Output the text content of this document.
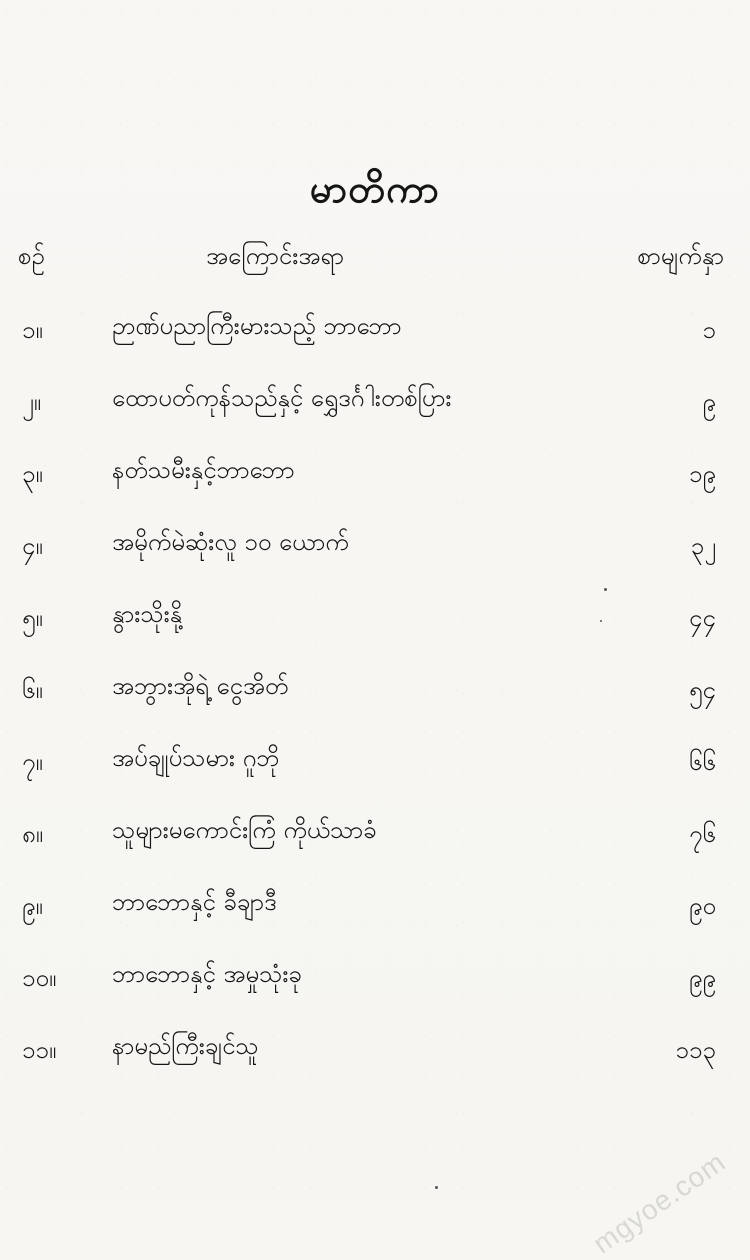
မာတိကာ
စဉ်	အကြောင်းအရာ	စာမျက်နှာ
၁။	ဉာဏ်ပညာကြီးမားသည့် ဘာဘော	၁
၂။	ထောပတ်ကုန်သည်နှင့် ရွှေဒင်္ဂါးတစ်ပြား	၉
၃။	နတ်သမီးနှင့်ဘာဘော	၁၉
၄။	အမိုက်မဲဆုံးလူ ၁၀ ယောက်	၃၂
၅။	နွားသိုးနို့	၄၄
၆။	အဘွားအိုရဲ့ ငွေအိတ်	၅၄
၇။	အပ်ချုပ်သမား ဂူဘို	၆၆
၈။	သူများမကောင်းကြံ ကိုယ်သာခံ	၇၆
၉။	ဘာဘောနှင့် ခီချာဒီ	၉၀
၁၀။	ဘာဘောနှင့် အမှုသုံးခု	၉၉
၁၁။	နာမည်ကြီးချင်သူ	၁၁၃
mgyoe.com
